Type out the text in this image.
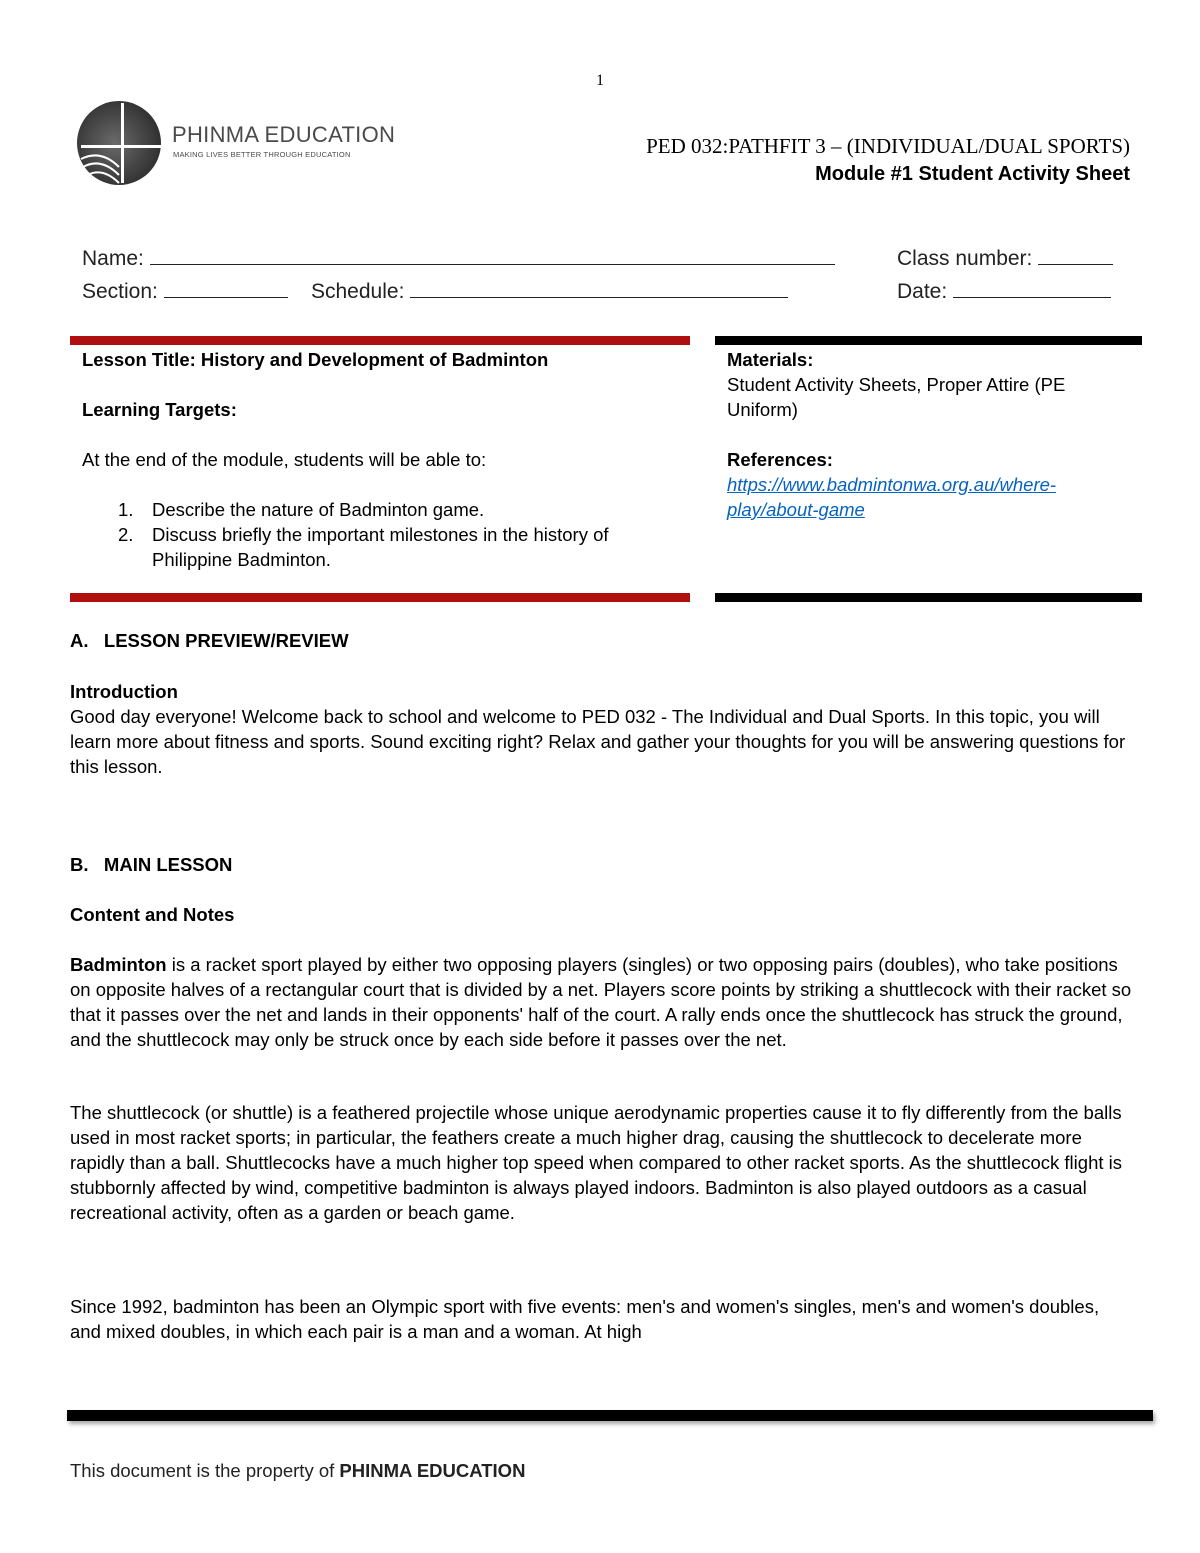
1
PHINMA EDUCATION
MAKING LIVES BETTER THROUGH EDUCATION	PED 032:PATHFIT 3 – (INDIVIDUAL/DUAL SPORTS)
Module #1 Student Activity Sheet
Name:	Class number:
Section:	Schedule:	Date:
Lesson Title: History and Development of Badminton
Learning Targets:
At the end of the module, students will be able to:
1. Describe the nature of Badminton game.
2. Discuss briefly the important milestones in the history of Philippine Badminton.
Materials:
Student Activity Sheets, Proper Attire (PE Uniform)
References:
https://www.badmintonwa.org.au/where-
play/about-game
A.   LESSON PREVIEW/REVIEW
Introduction
Good day everyone! Welcome back to school and welcome to PED 032 - The Individual and Dual Sports. In this topic, you will learn more about fitness and sports. Sound exciting right? Relax and gather your thoughts for you will be answering questions for this lesson.
B.   MAIN LESSON
Content and Notes
Badminton is a racket sport played by either two opposing players (singles) or two opposing pairs (doubles), who take positions on opposite halves of a rectangular court that is divided by a net. Players score points by striking a shuttlecock with their racket so that it passes over the net and lands in their opponents' half of the court. A rally ends once the shuttlecock has struck the ground, and the shuttlecock may only be struck once by each side before it passes over the net.
The shuttlecock (or shuttle) is a feathered projectile whose unique aerodynamic properties cause it to fly differently from the balls used in most racket sports; in particular, the feathers create a much higher drag, causing the shuttlecock to decelerate more rapidly than a ball. Shuttlecocks have a much higher top speed when compared to other racket sports. As the shuttlecock flight is stubbornly affected by wind, competitive badminton is always played indoors. Badminton is also played outdoors as a casual recreational activity, often as a garden or beach game.
Since 1992, badminton has been an Olympic sport with five events: men's and women's singles, men's and women's doubles, and mixed doubles, in which each pair is a man and a woman. At high
This document is the property of PHINMA EDUCATION
